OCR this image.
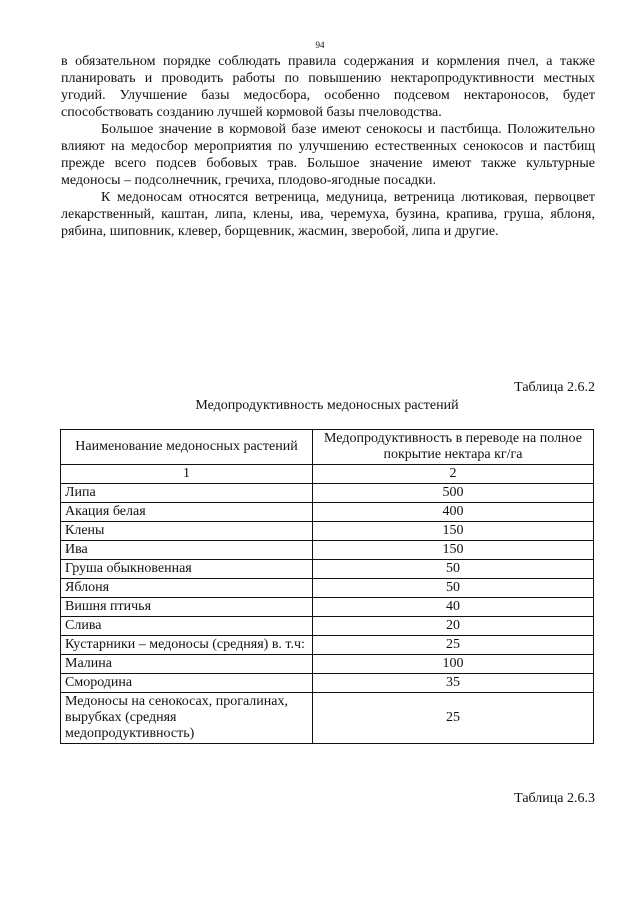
94

в обязательном порядке соблюдать правила содержания и кормления пчел, а также планировать и проводить работы по повышению нектаропродуктивности местных угодий. Улучшение базы медосбора, особенно подсевом нектароносов, будет способствовать созданию лучшей кормовой базы пчеловодства.

Большое значение в кормовой базе имеют сенокосы и пастбища. Положительно влияют на медосбор мероприятия по улучшению естественных сенокосов и пастбищ прежде всего подсев бобовых трав. Большое значение имеют также культурные медоносы – подсолнечник, гречиха, плодово-ягодные посадки.

К медоносам относятся ветреница, медуница, ветреница лютиковая, первоцвет лекарственный, каштан, липа, клены, ива, черемуха, бузина, крапива, груша, яблоня, рябина, шиповник, клевер, борщевник, жасмин, зверобой, липа и другие.

Таблица 2.6.2
Медопродуктивность медоносных растений
Наименование медоносных растений	Медопродуктивность в переводе на полное покрытие нектара кг/га
1	2
Липа	500
Акация белая	400
Клены	150
Ива	150
Груша обыкновенная	50
Яблоня	50
Вишня птичья	40
Слива	20
Кустарники – медоносы (средняя) в. т.ч:	25
Малина	100
Смородина	35
Медоносы на сенокосах, прогалинах, вырубках (средняя медопродуктивность)	25
Таблица 2.6.3
